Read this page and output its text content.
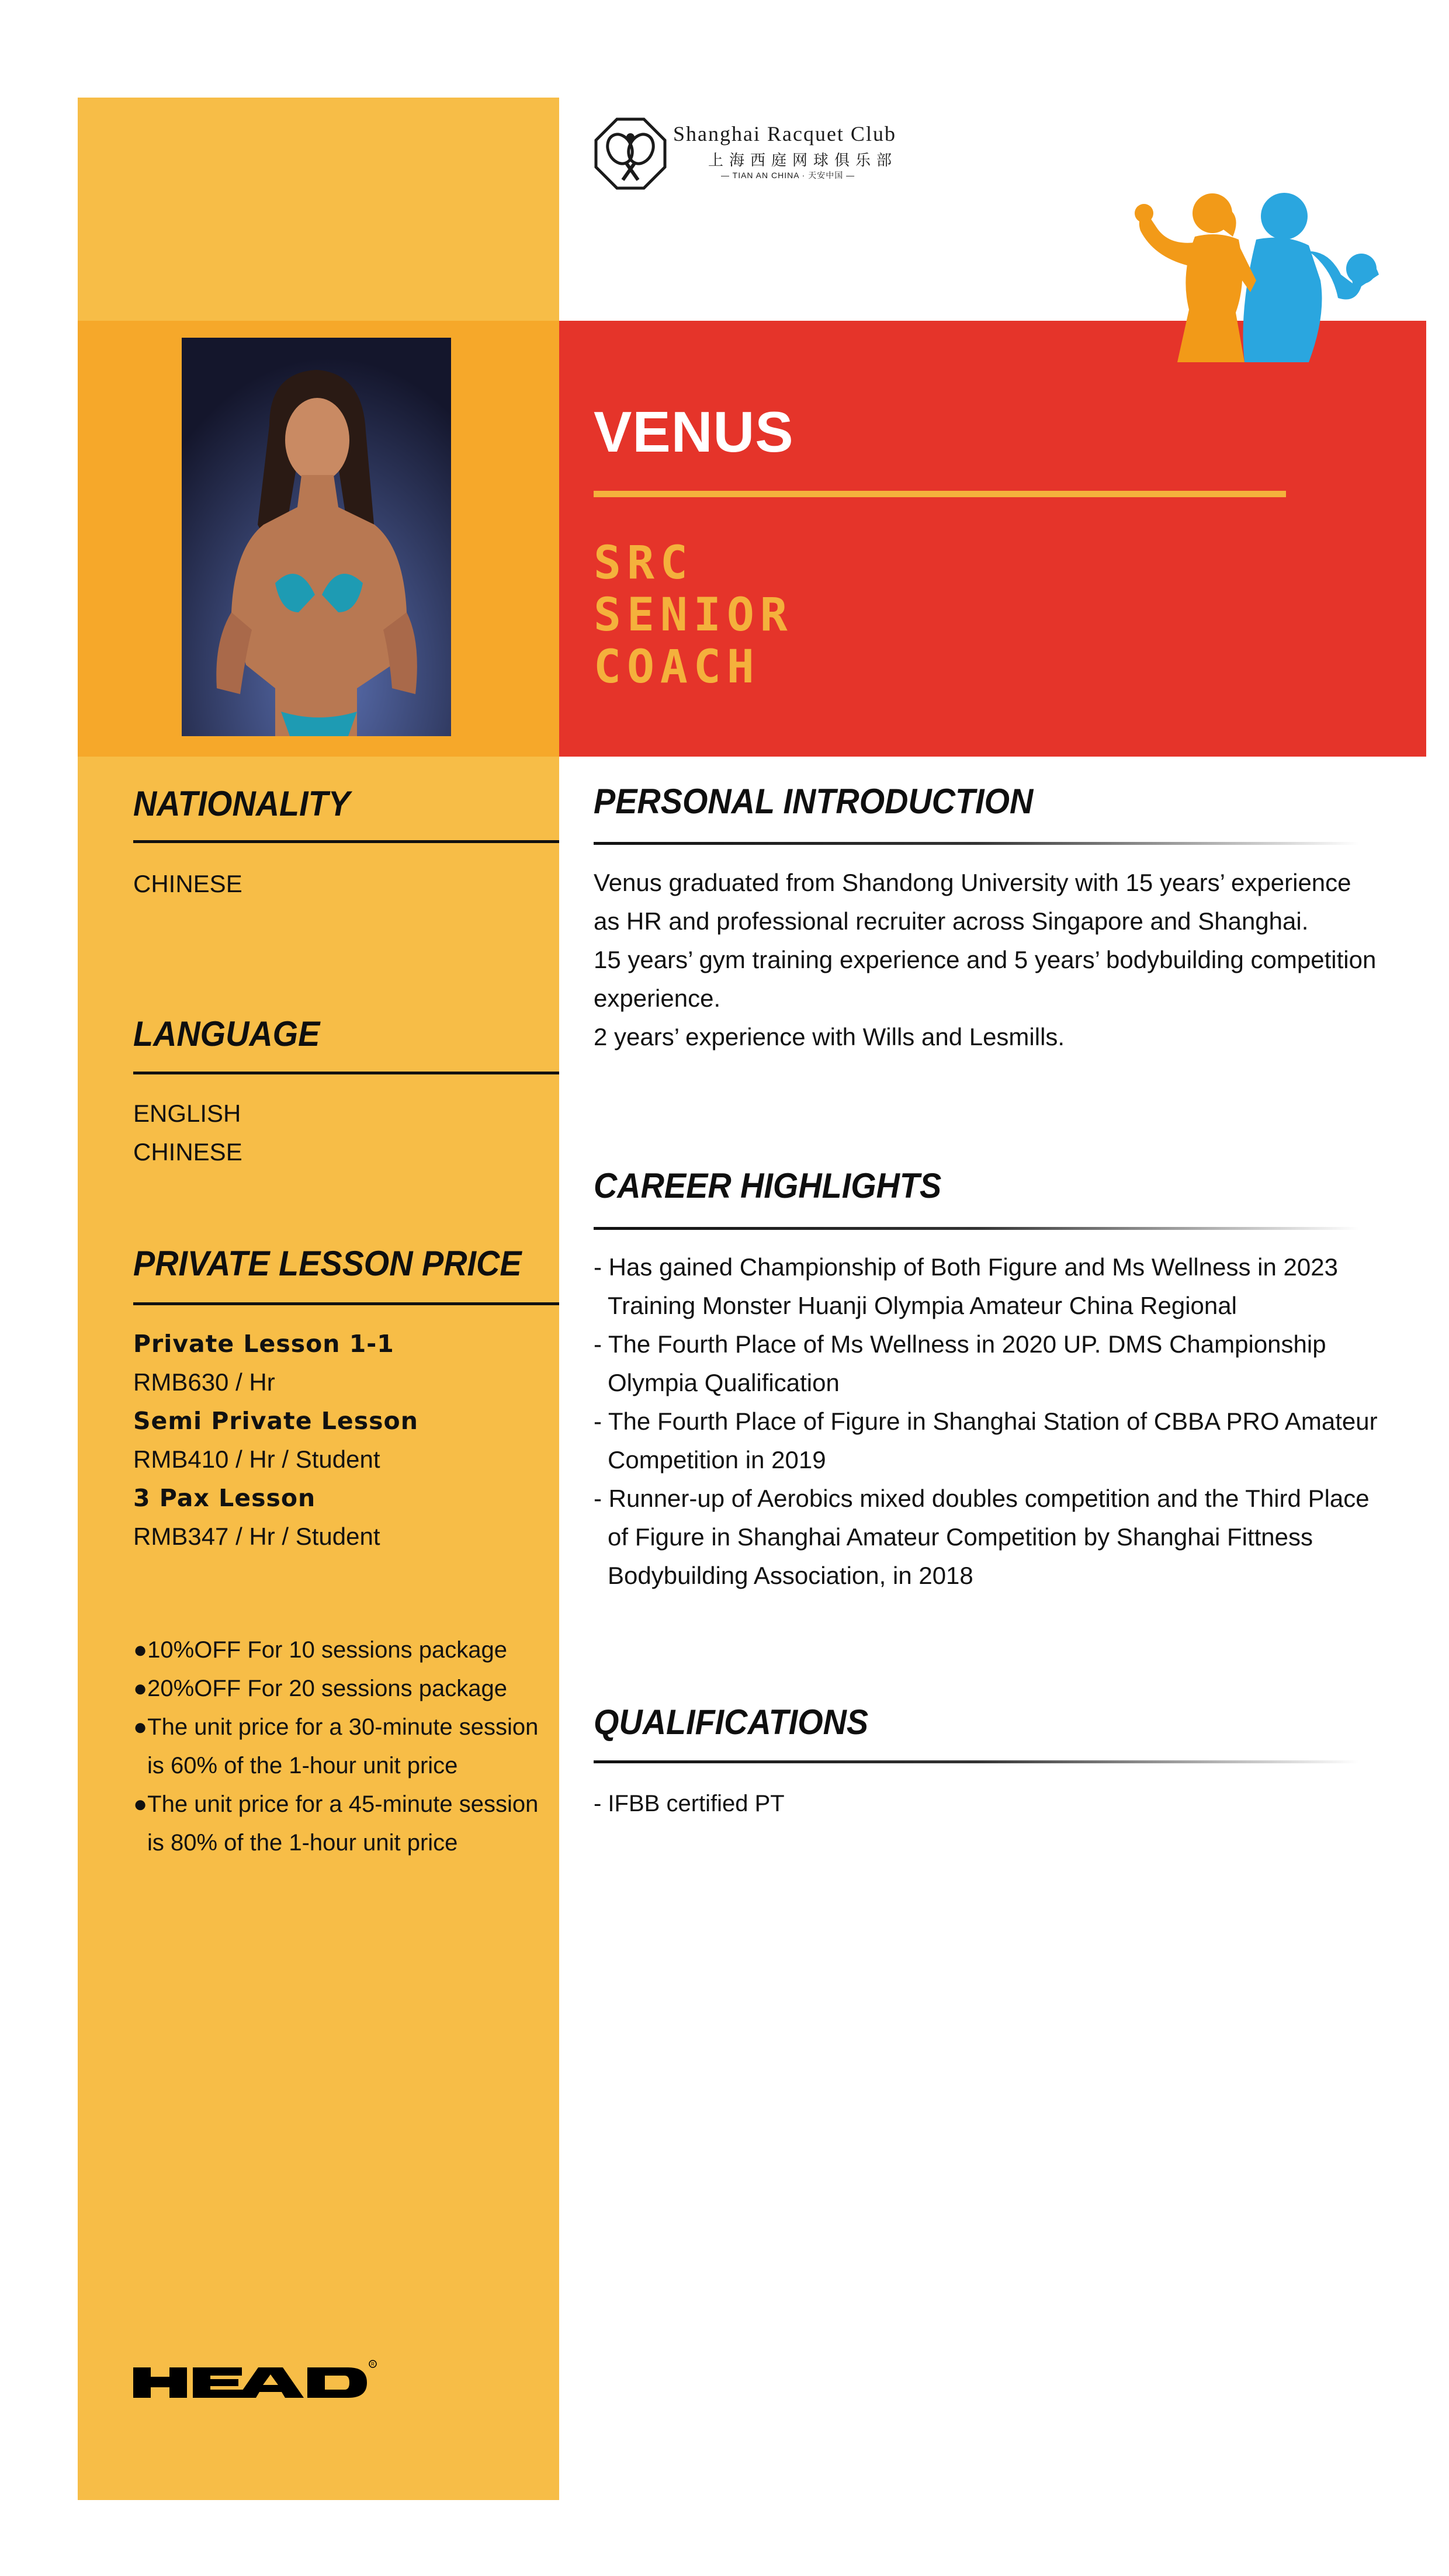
Shanghai Racquet Club
上海西庭网球俱乐部
— TIAN AN CHINA · 天安中国 —
VENUS
SRC
SENIOR
COACH
NATIONALITY
CHINESE
LANGUAGE
ENGLISH
CHINESE
PRIVATE LESSON PRICE
Private Lesson 1-1
RMB630 / Hr
Semi Private Lesson
RMB410 / Hr / Student
3 Pax Lesson
RMB347 / Hr / Student
●10%OFF For 10 sessions package
●20%OFF For 20 sessions package
●The unit price for a 30-minute session
is 60% of the 1-hour unit price
●The unit price for a 45-minute session
is 80% of the 1-hour unit price
PERSONAL INTRODUCTION
Venus graduated from Shandong University with 15 years’ experience
as HR and professional recruiter across Singapore and Shanghai.
15 years’ gym training experience and 5 years’ bodybuilding competition
experience.
2 years’ experience with Wills and Lesmills.
CAREER HIGHLIGHTS
- Has gained Championship of Both Figure and Ms Wellness in 2023
Training Monster Huanji Olympia Amateur China Regional
- The Fourth Place of Ms Wellness in 2020 UP. DMS Championship
Olympia Qualification
- The Fourth Place of Figure in Shanghai Station of CBBA PRO Amateur
Competition in 2019
- Runner-up of Aerobics mixed doubles competition and the Third Place
of Figure in Shanghai Amateur Competition by Shanghai Fittness
Bodybuilding Association, in 2018
QUALIFICATIONS
- IFBB certified PT
R
